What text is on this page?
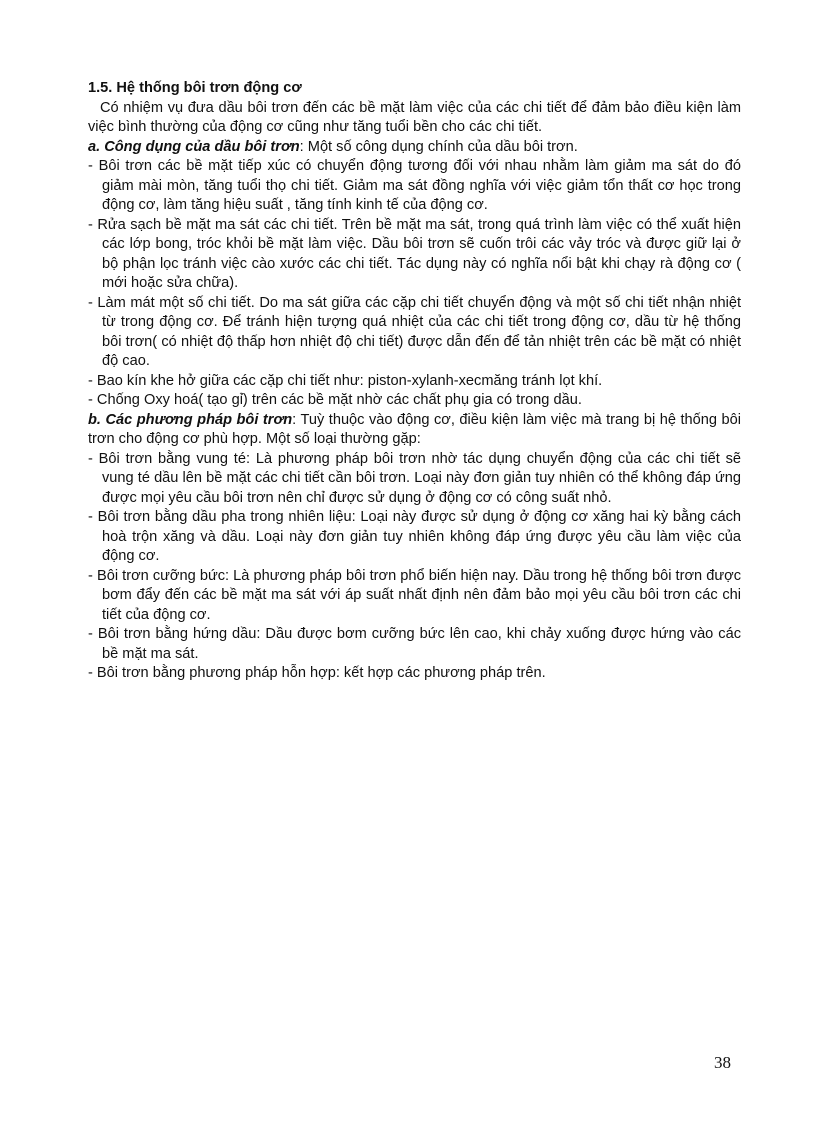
1.5. Hệ thống bôi trơn động cơ

Có nhiệm vụ đưa dầu bôi trơn đến các bề mặt làm việc của các chi tiết để đảm bảo điều kiện làm việc bình thường của động cơ cũng như tăng tuổi bền cho các chi tiết.

a. Công dụng của dầu bôi trơn: Một số công dụng chính của dầu bôi trơn.

- Bôi trơn các bề mặt tiếp xúc có chuyển động tương đối với nhau nhằm làm giảm ma sát do đó giảm mài mòn, tăng tuổi thọ chi tiết. Giảm ma sát đồng nghĩa với việc giảm tổn thất cơ học trong động cơ, làm tăng hiệu suất , tăng tính kinh tế của động cơ.

- Rửa sạch bề mặt ma sát các chi tiết. Trên bề mặt ma sát, trong quá trình làm việc có thể xuất hiện các lớp bong, tróc khỏi bề mặt làm việc. Dầu bôi trơn sẽ cuốn trôi các vảy tróc và được giữ lại ở bộ phận lọc tránh việc cào xước các chi tiết. Tác dụng này có nghĩa nổi bật khi chạy rà động cơ ( mới hoặc sửa chữa).

- Làm mát một số chi tiết. Do ma sát giữa các cặp chi tiết chuyển động và một số chi tiết nhận nhiệt từ trong động cơ. Để tránh hiện tượng quá nhiệt của các chi tiết trong động cơ, dầu từ hệ thống bôi trơn( có nhiệt độ thấp hơn nhiệt độ chi tiết) được dẫn đến để tản nhiệt trên các bề mặt có nhiệt độ cao.

- Bao kín khe hở giữa các cặp chi tiết như: piston-xylanh-xecmăng tránh lọt khí.

- Chống Oxy hoá( tạo gỉ) trên các bề mặt nhờ các chất phụ gia có trong dầu.

b. Các phương pháp bôi trơn: Tuỳ thuộc vào động cơ, điều kiện làm việc mà trang bị hệ thống bôi trơn cho động cơ phù hợp. Một số loại thường gặp:

- Bôi trơn bằng vung té: Là phương pháp bôi trơn nhờ tác dụng chuyển động của các chi tiết sẽ vung té dầu lên bề mặt các chi tiết cần bôi trơn. Loại này đơn giản tuy nhiên có thể không đáp ứng được mọi yêu cầu bôi trơn nên chỉ được sử dụng ở động cơ có công suất nhỏ.

- Bôi trơn bằng dầu pha trong nhiên liệu: Loại này được sử dụng ở động cơ xăng hai kỳ bằng cách hoà trộn xăng và dầu. Loại này đơn giản tuy nhiên không đáp ứng được yêu cầu làm việc của động cơ.

- Bôi trơn cưỡng bức: Là phương pháp bôi trơn phổ biến hiện nay. Dầu trong hệ thống bôi trơn được bơm đẩy đến các bề mặt ma sát với áp suất nhất định nên đảm bảo mọi yêu cầu bôi trơn các chi tiết của động cơ.

- Bôi trơn bằng hứng dầu: Dầu được bơm cưỡng bức lên cao, khi chảy xuống được hứng vào các bề mặt ma sát.

- Bôi trơn bằng phương pháp hỗn hợp: kết hợp các phương pháp trên.

38
